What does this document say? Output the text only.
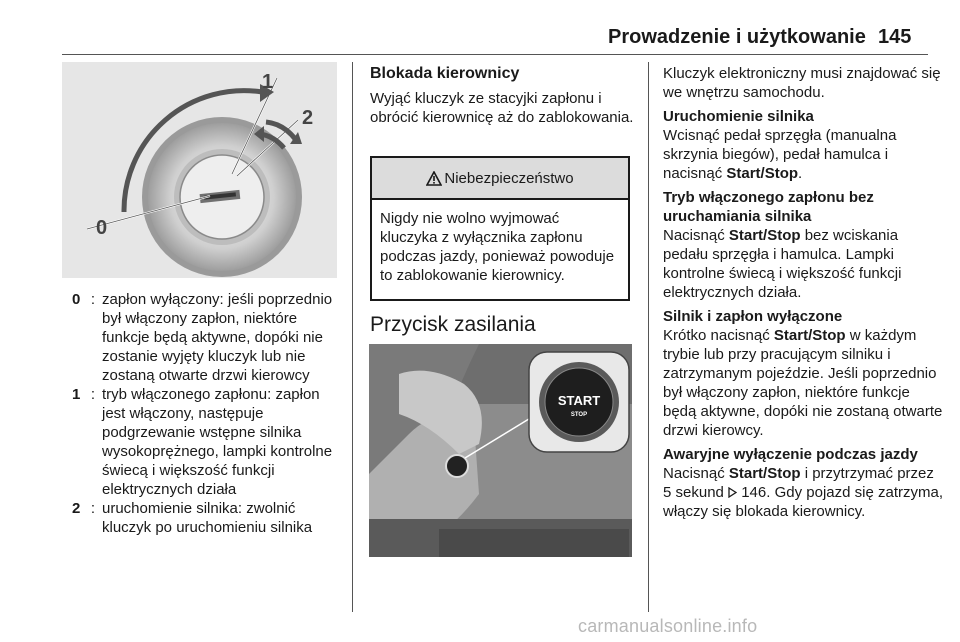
Prowadzenie i użytkowanie 145
1
2
0
0 : zapłon wyłączony: jeśli poprzednio był włączony zapłon, niektóre funkcje będą aktywne, dopóki nie zostanie wyjęty kluczyk lub nie zostaną otwarte drzwi kierowcy
1 : tryb włączonego zapłonu: zapłon jest włączony, następuje podgrzewanie wstępne silnika wysokoprężnego, lampki kontrolne świecą i większość funkcji elektrycznych działa
2 : uruchomienie silnika: zwolnić kluczyk po uruchomieniu silnika
Blokada kierownicy

Wyjąć kluczyk ze stacyjki zapłonu i obrócić kierownicę aż do zablokowania.

Niebezpieczeństwo
Nigdy nie wolno wyjmować kluczyka z wyłącznika zapłonu podczas jazdy, ponieważ powoduje to zablokowanie kierownicy.
Przycisk zasilania
START
STOP

Kluczyk elektroniczny musi znajdować się we wnętrzu samochodu.

Uruchomienie silnika
Wcisnąć pedał sprzęgła (manualna skrzynia biegów), pedał hamulca i nacisnąć Start/Stop.
Tryb włączonego zapłonu bez uruchamiania silnika
Nacisnąć Start/Stop bez wciskania pedału sprzęgła i hamulca. Lampki kontrolne świecą i większość funkcji elektrycznych działa.
Silnik i zapłon wyłączone
Krótko nacisnąć Start/Stop w każdym trybie lub przy pracującym silniku i zatrzymanym pojeździe. Jeśli poprzednio był włączony zapłon, niektóre funkcje będą aktywne, dopóki nie zostaną otwarte drzwi kierowcy.
Awaryjne wyłączenie podczas jazdy
Nacisnąć Start/Stop i przytrzymać przez 5 sekund  146. Gdy pojazd się zatrzyma, włączy się blokada kierownicy.
carmanualsonline.info
